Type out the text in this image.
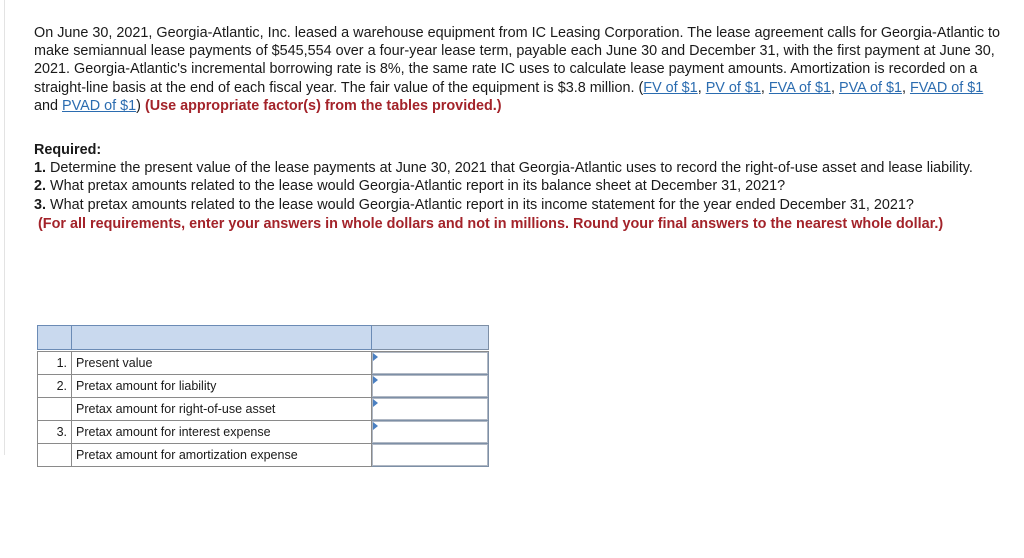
On June 30, 2021, Georgia-Atlantic, Inc. leased a warehouse equipment from IC Leasing Corporation. The lease agreement calls for Georgia-Atlantic to make semiannual lease payments of $545,554 over a four-year lease term, payable each June 30 and December 31, with the first payment at June 30, 2021. Georgia-Atlantic's incremental borrowing rate is 8%, the same rate IC uses to calculate lease payment amounts. Amortization is recorded on a straight-line basis at the end of each fiscal year. The fair value of the equipment is $3.8 million. (FV of $1, PV of $1, FVA of $1, PVA of $1, FVAD of $1 and PVAD of $1) (Use appropriate factor(s) from the tables provided.)

Required:

1. Determine the present value of the lease payments at June 30, 2021 that Georgia-Atlantic uses to record the right-of-use asset and lease liability.

2. What pretax amounts related to the lease would Georgia-Atlantic report in its balance sheet at December 31, 2021?

3. What pretax amounts related to the lease would Georgia-Atlantic report in its income statement for the year ended December 31, 2021?

(For all requirements, enter your answers in whole dollars and not in millions. Round your final answers to the nearest whole dollar.)

1.	Present value	

2.	Pretax amount for liability	

	Pretax amount for right-of-use asset	

3.	Pretax amount for interest expense	

	Pretax amount for amortization expense	
